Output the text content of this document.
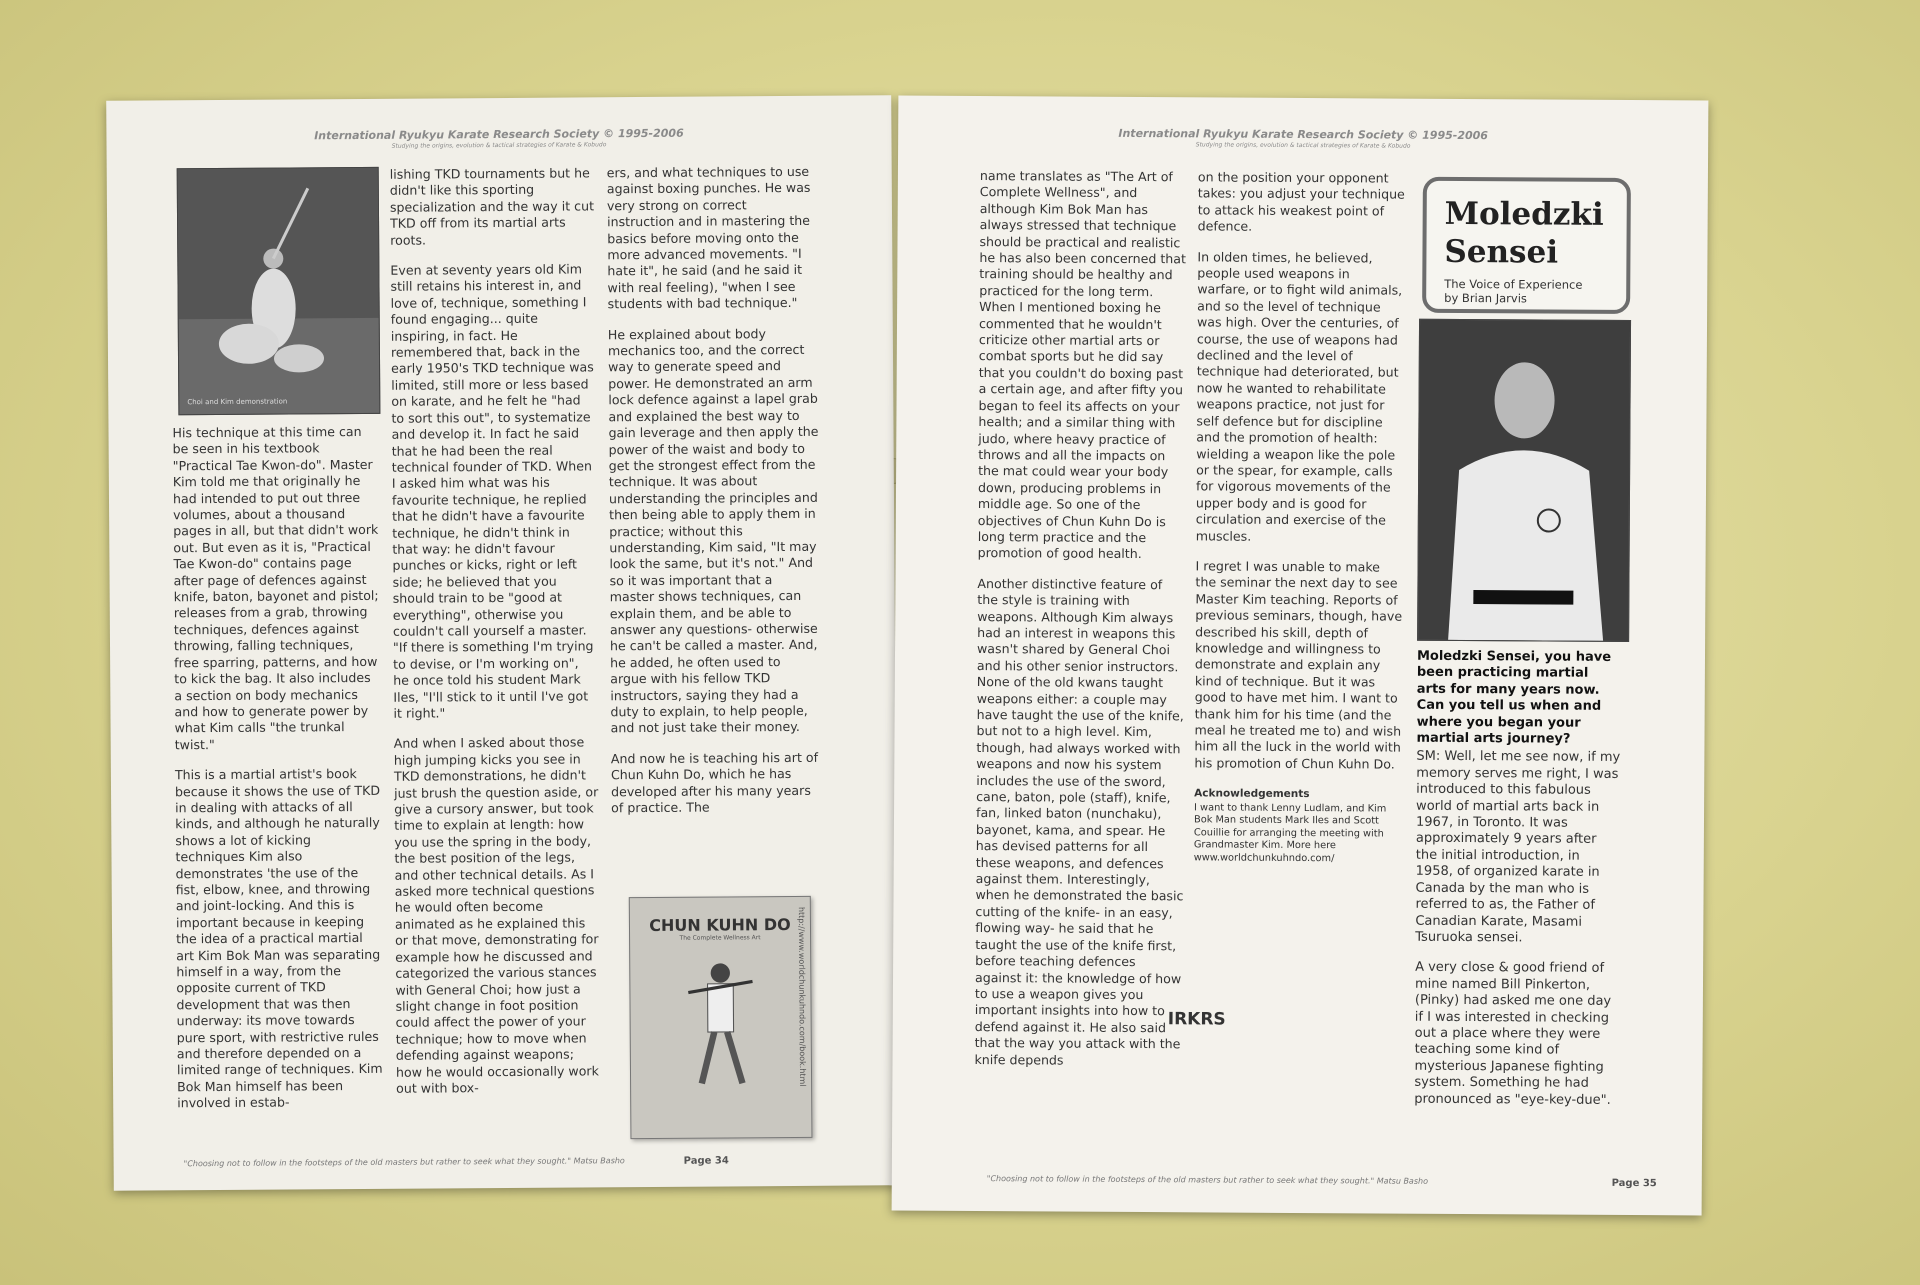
International Ryukyu Karate Research Society © 1995-2006
Studying the origins, evolution & tactical strategies of Karate & Kobudo
Choi and Kim demonstration

His technique at this time can be seen in his textbook "Practical Tae Kwon-do". Master Kim told me that originally he had intended to put out three volumes, about a thousand pages in all, but that didn't work out. But even as it is, "Practical Tae Kwon-do" contains page after page of defences against knife, baton, bayonet and pistol; releases from a grab, throwing techniques, defences against throwing, falling techniques, free sparring, patterns, and how to kick the bag. It also includes a section on body mechanics and how to generate power by what Kim calls "the trunkal twist."

This is a martial artist's book because it shows the use of TKD in dealing with attacks of all kinds, and although he naturally shows a lot of kicking techniques Kim also demonstrates 'the use of the fist, elbow, knee, and throwing and joint-locking. And this is important because in keeping the idea of a practical martial art Kim Bok Man was separating himself in a way, from the opposite current of TKD development that was then underway: its move towards pure sport, with restrictive rules and therefore depended on a limited range of techniques. Kim Bok Man himself has been involved in estab-

lishing TKD tournaments but he didn't like this sporting specialization and the way it cut TKD off from its martial arts roots.

Even at seventy years old Kim still retains his interest in, and love of, technique, something I found engaging... quite inspiring, in fact. He remembered that, back in the early 1950's TKD technique was limited, still more or less based on karate, and he felt he "had to sort this out", to systematize and develop it. In fact he said that he had been the real technical founder of TKD. When I asked him what was his favourite technique, he replied that he didn't have a favourite technique, he didn't think in that way: he didn't favour punches or kicks, right or left side; he believed that you should train to be "good at everything", otherwise you couldn't call yourself a master. "If there is something I'm trying to devise, or I'm working on", he once told his student Mark Iles, "I'll stick to it until I've got it right."

And when I asked about those high jumping kicks you see in TKD demonstrations, he didn't just brush the question aside, or give a cursory answer, but took time to explain at length: how you use the spring in the body, the best position of the legs, and other technical details. As I asked more technical questions he would often become animated as he explained this or that move, demonstrating for example how he discussed and categorized the various stances with General Choi; how just a slight change in foot position could affect the power of your technique; how to move when defending against weapons; how he would occasionally work out with box-

ers, and what techniques to use against boxing punches. He was very strong on correct instruction and in mastering the basics before moving onto the more advanced movements. "I hate it", he said (and he said it with real feeling), "when I see students with bad technique."

He explained about body mechanics too, and the correct way to generate speed and power. He demonstrated an arm lock defence against a lapel grab and explained the best way to gain leverage and then apply the power of the waist and body to get the strongest effect from the technique. It was about understanding the principles and then being able to apply them in practice; without this understanding, Kim said, "It may look the same, but it's not." And so it was important that a master shows techniques, can explain them, and be able to answer any questions- otherwise he can't be called a master. And, he added, he often used to argue with his fellow TKD instructors, saying they had a duty to explain, to help people, and not just take their money.

And now he is teaching his art of Chun Kuhn Do, which he has developed after his many years of practice. The

CHUN KUHN DO
The Complete Wellness Art	http://www.worldchunkuhndo.com/book.html
"Choosing not to follow in the footsteps of the old masters but rather to seek what they sought." Matsu Basho	Page 34
International Ryukyu Karate Research Society © 1995-2006
Studying the origins, evolution & tactical strategies of Karate & Kobudo

name translates as "The Art of Complete Wellness", and although Kim Bok Man has always stressed that technique should be practical and realistic he has also been concerned that training should be healthy and practiced for the long term. When I mentioned boxing he commented that he wouldn't criticize other martial arts or combat sports but he did say that you couldn't do boxing past a certain age, and after fifty you began to feel its affects on your health; and a similar thing with judo, where heavy practice of throws and all the impacts on the mat could wear your body down, producing problems in middle age. So one of the objectives of Chun Kuhn Do is long term practice and the promotion of good health.

Another distinctive feature of the style is training with weapons. Although Kim always had an interest in weapons this wasn't shared by General Choi and his other senior instructors. None of the old kwans taught weapons either: a couple may have taught the use of the knife, but not to a high level. Kim, though, had always worked with weapons and now his system includes the use of the sword, cane, baton, pole (staff), knife, fan, linked baton (nunchaku), bayonet, kama, and spear. He has devised patterns for all these weapons, and defences against them. Interestingly, when he demonstrated the basic cutting of the knife- in an easy, flowing way- he said that he taught the use of the knife first, before teaching defences against it: the knowledge of how to use a weapon gives you important insights into how to defend against it. He also said that the way you attack with the knife depends

on the position your opponent takes: you adjust your technique to attack his weakest point of defence.

In olden times, he believed, people used weapons in warfare, or to fight wild animals, and so the level of technique was high. Over the centuries, of course, the use of weapons had declined and the level of technique had deteriorated, but now he wanted to rehabilitate weapons practice, not just for self defence but for discipline and the promotion of health: wielding a weapon like the pole or the spear, for example, calls for vigorous movements of the upper body and is good for circulation and exercise of the muscles.

I regret I was unable to make the seminar the next day to see Master Kim teaching. Reports of previous seminars, though, have described his skill, depth of knowledge and willingness to demonstrate and explain any kind of technique. But it was good to have met him. I want to thank him for his time (and the meal he treated me to) and wish him all the luck in the world with his promotion of Chun Kuhn Do.

Acknowledgements
I want to thank Lenny Ludlam, and Kim Bok Man students Mark Iles and Scott Couillie for arranging the meeting with Grandmaster Kim. More here www.worldchunkuhndo.com/
IRKRS
Moledzki
Sensei
The Voice of Experience
by Brian Jarvis

Moledzki Sensei, you have been practicing martial arts for many years now. Can you tell us when and where you began your martial arts journey?

SM: Well, let me see now, if my memory serves me right, I was introduced to this fabulous world of martial arts back in 1967, in Toronto. It was approximately 9 years after the initial introduction, in 1958, of organized karate in Canada by the man who is referred to as, the Father of Canadian Karate, Masami Tsuruoka sensei.

A very close & good friend of mine named Bill Pinkerton, (Pinky) had asked me one day if I was interested in checking out a place where they were teaching some kind of mysterious Japanese fighting system. Something he had pronounced as "eye-key-due".

"Choosing not to follow in the footsteps of the old masters but rather to seek what they sought." Matsu Basho	Page 35
